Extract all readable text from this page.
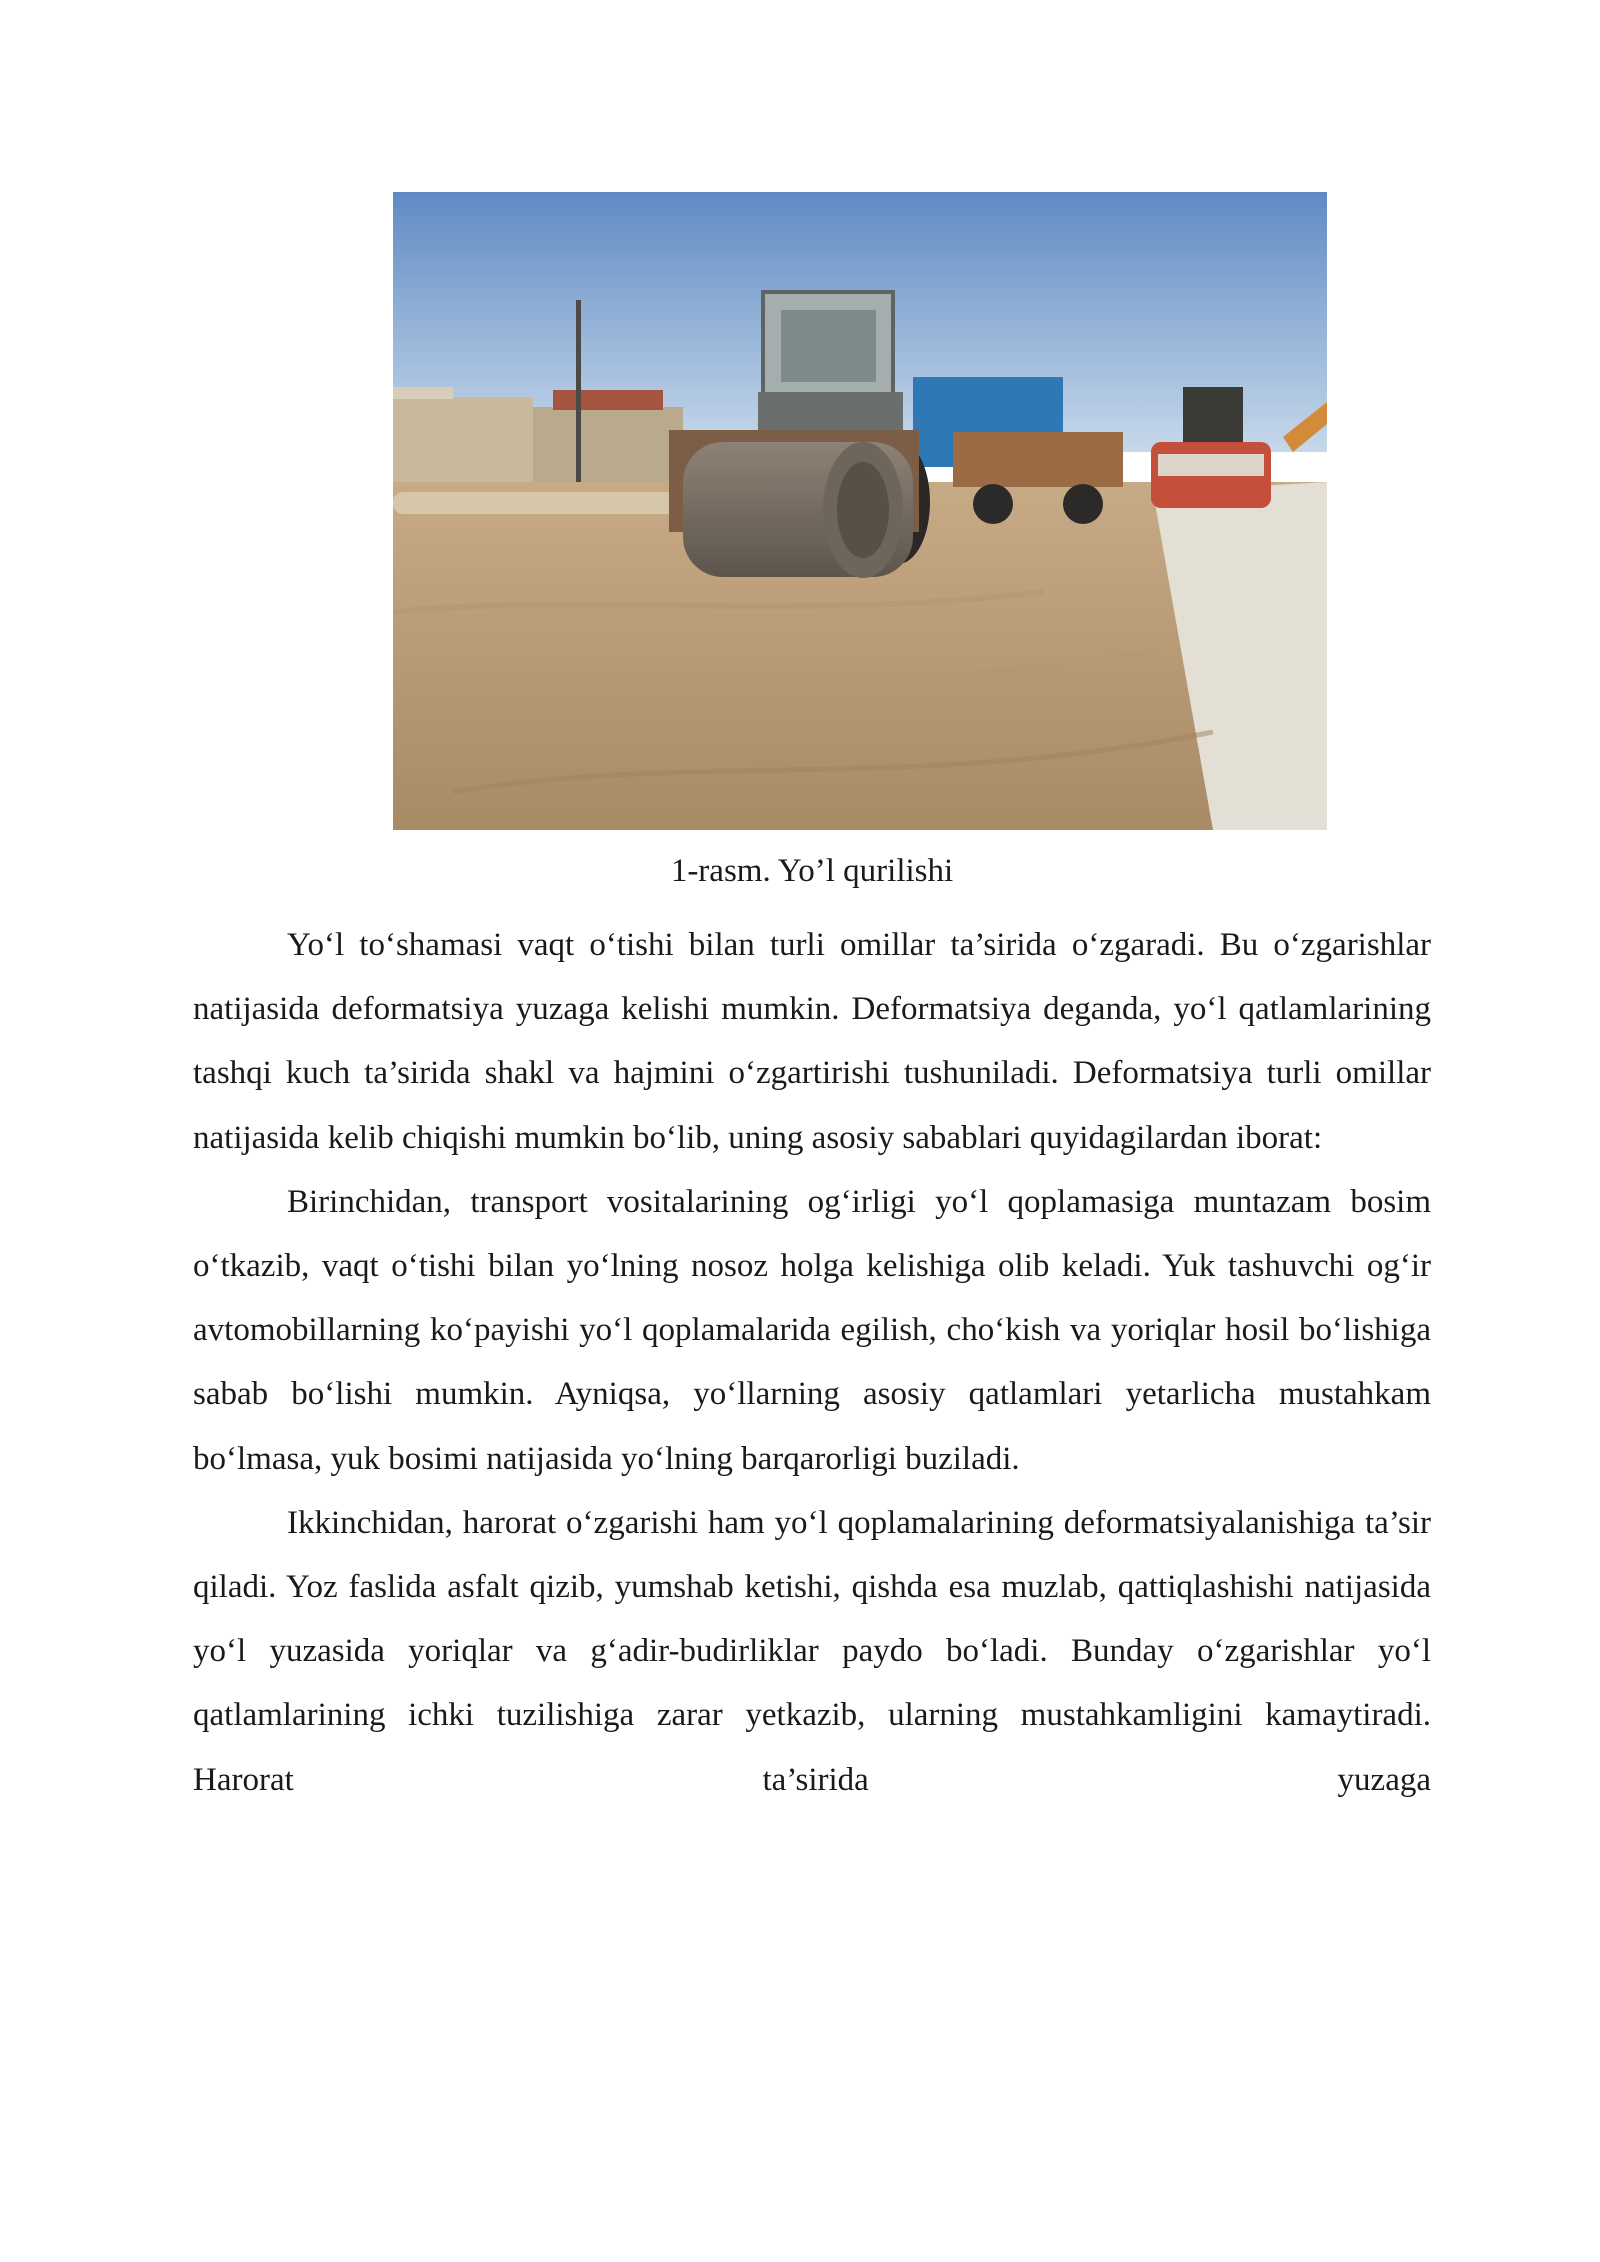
1-rasm. Yo’l qurilishi

Yo‘l to‘shamasi vaqt o‘tishi bilan turli omillar ta’sirida o‘zgaradi. Bu o‘zgarishlar natijasida deformatsiya yuzaga kelishi mumkin. Deformatsiya deganda, yo‘l qatlamlarining tashqi kuch ta’sirida shakl va hajmini o‘zgartirishi tushuniladi. Deformatsiya turli omillar natijasida kelib chiqishi mumkin bo‘lib, uning asosiy sabablari quyidagilardan iborat:

Birinchidan, transport vositalarining og‘irligi yo‘l qoplamasiga muntazam bosim o‘tkazib, vaqt o‘tishi bilan yo‘lning nosoz holga kelishiga olib keladi. Yuk tashuvchi og‘ir avtomobillarning ko‘payishi yo‘l qoplamalarida egilish, cho‘kish va yoriqlar hosil bo‘lishiga sabab bo‘lishi mumkin. Ayniqsa, yo‘llarning asosiy qatlamlari yetarlicha mustahkam bo‘lmasa, yuk bosimi natijasida yo‘lning barqarorligi buziladi.

Ikkinchidan, harorat o‘zgarishi ham yo‘l qoplamalarining deformatsiyalanishiga ta’sir qiladi. Yoz faslida asfalt qizib, yumshab ketishi, qishda esa muzlab, qattiqlashishi natijasida yo‘l yuzasida yoriqlar va g‘adir-budirliklar paydo bo‘ladi. Bunday o‘zgarishlar yo‘l qatlamlarining ichki tuzilishiga zarar yetkazib, ularning mustahkamligini kamaytiradi. Harorat ta’sirida yuzaga
